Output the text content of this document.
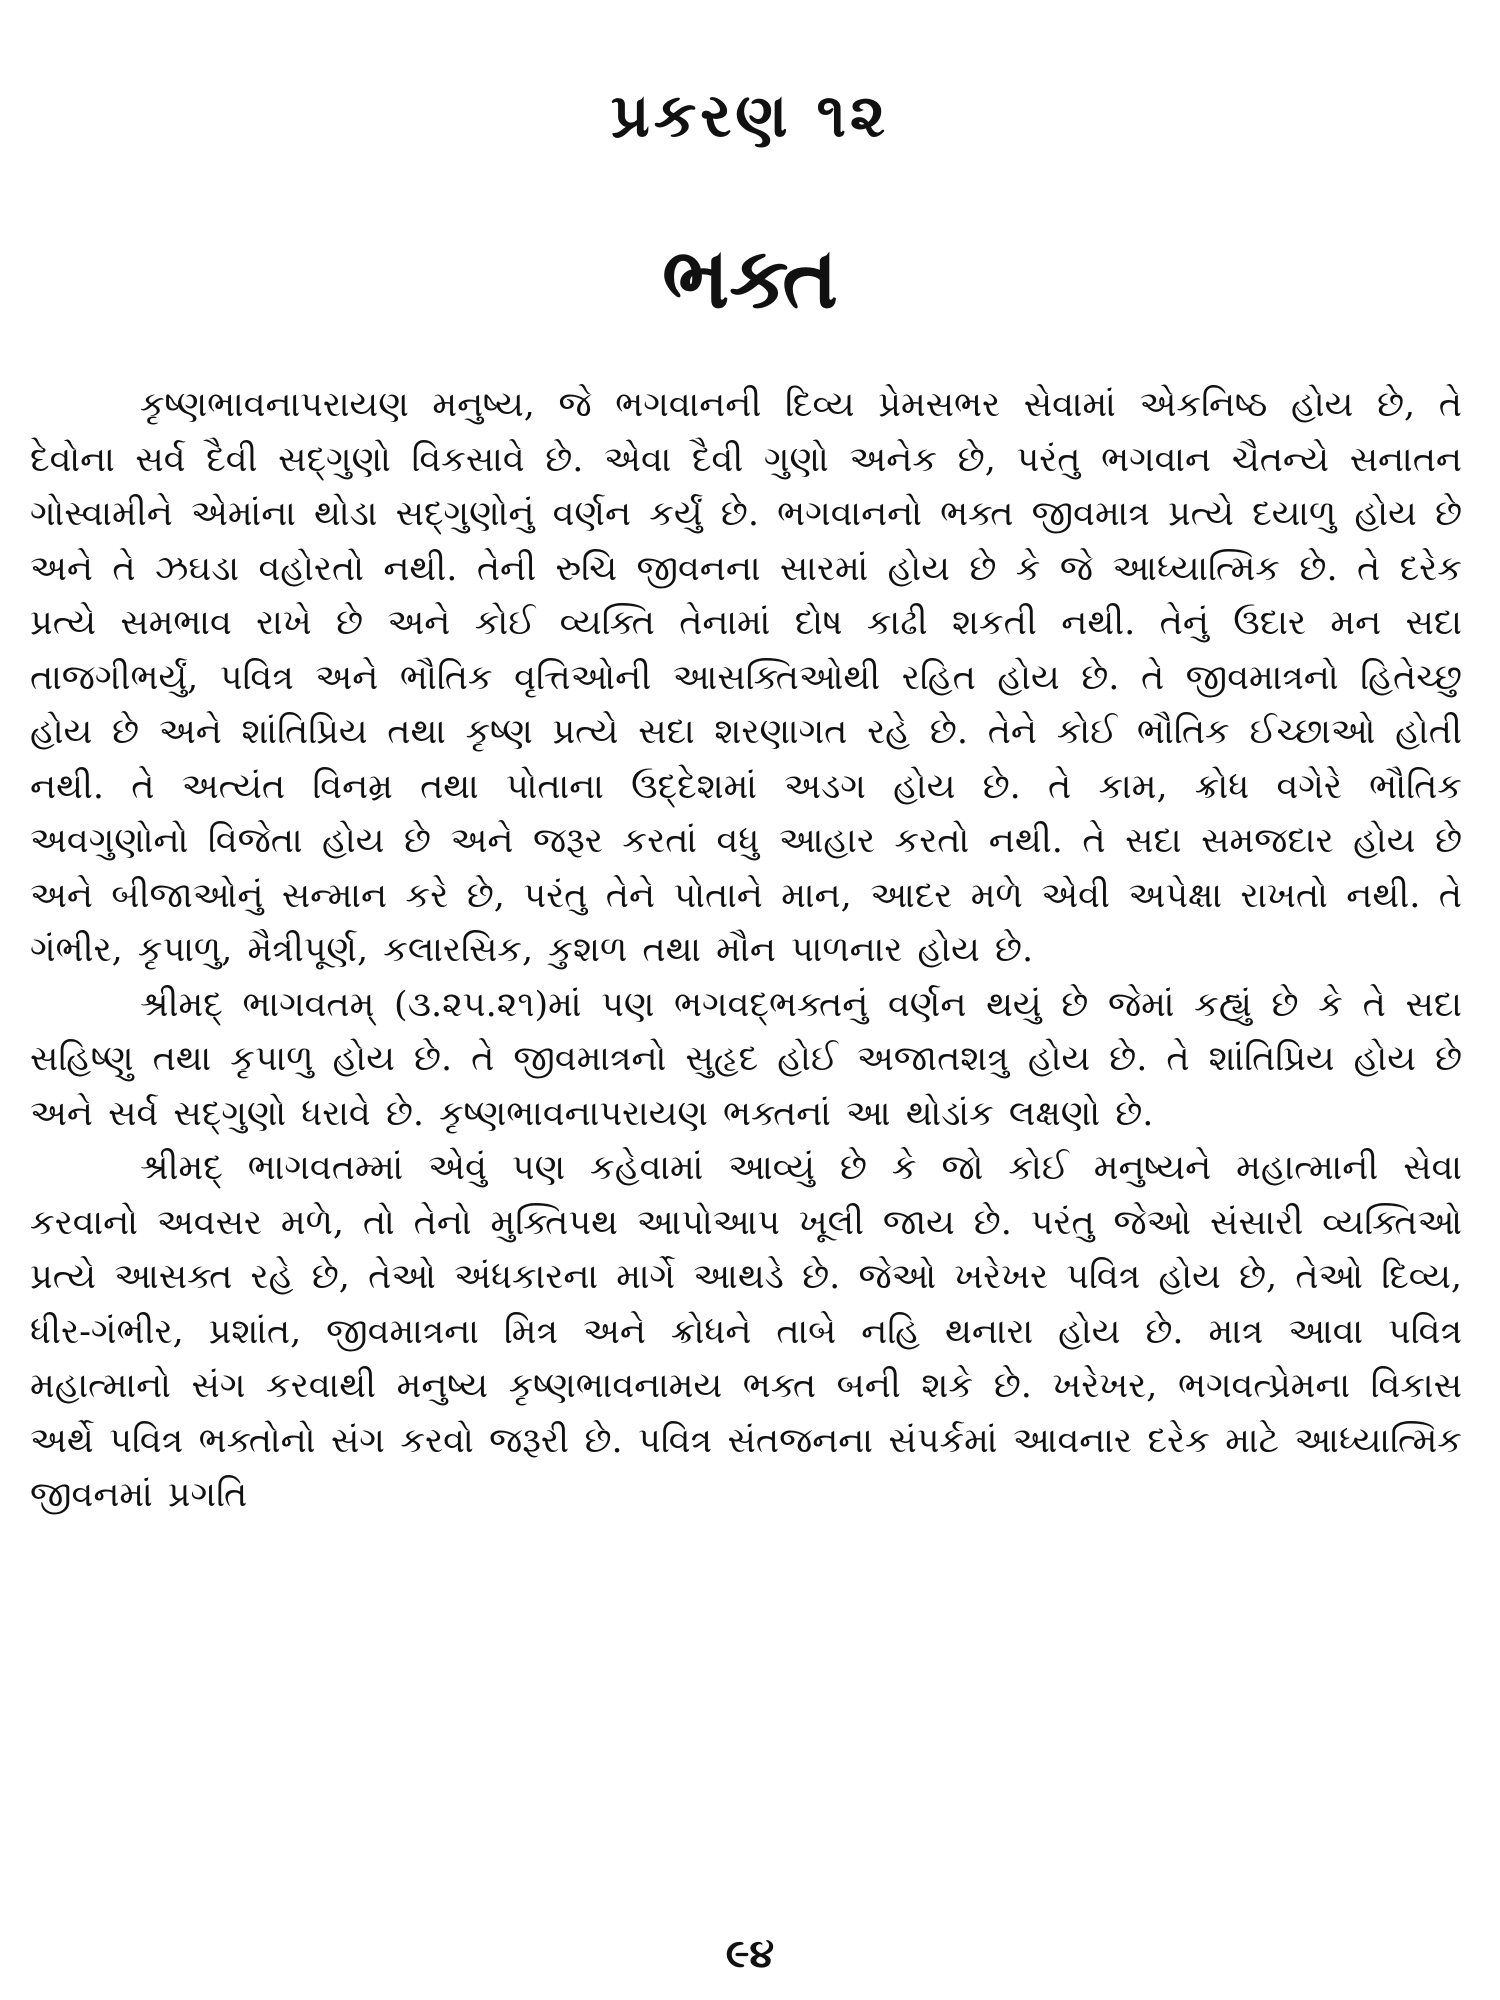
પ્રકરણ ૧૨
ભક્ત

કૃષ્ણભાવનાપરાયણ મનુષ્ય, જે ભગવાનની દિવ્ય પ્રેમસભર સેવામાં એકનિષ્ઠ હોય છે, તે દેવોના સર્વ દૈવી સદ્ગુણો વિકસાવે છે. એવા દૈવી ગુણો અનેક છે, પરંતુ ભગવાન ચૈતન્યે સનાતન ગોસ્વામીને એમાંના થોડા સદ્ગુણોનું વર્ણન કર્યું છે. ભગવાનનો ભક્ત જીવમાત્ર પ્રત્યે દયાળુ હોય છે અને તે ઝઘડા વહોરતો નથી. તેની રુચિ જીવનના સારમાં હોય છે કે જે આધ્યાત્મિક છે. તે દરેક પ્રત્યે સમભાવ રાખે છે અને કોઈ વ્યક્તિ તેનામાં દોષ કાઢી શકતી નથી. તેનું ઉદાર મન સદા તાજગીભર્યું, પવિત્ર અને ભૌતિક વૃત્તિઓની આસક્તિઓથી રહિત હોય છે. તે જીવમાત્રનો હિતેચ્છુ હોય છે અને શાંતિપ્રિય તથા કૃષ્ણ પ્રત્યે સદા શરણાગત રહે છે. તેને કોઈ ભૌતિક ઈચ્છાઓ હોતી નથી. તે અત્યંત વિનમ્ર તથા પોતાના ઉદ્દેશમાં અડગ હોય છે. તે કામ, ક્રોધ વગેરે ભૌતિક અવગુણોનો વિજેતા હોય છે અને જરૂર કરતાં વધુ આહાર કરતો નથી. તે સદા સમજદાર હોય છે અને બીજાઓનું સન્માન કરે છે, પરંતુ તેને પોતાને માન, આદર મળે એવી અપેક્ષા રાખતો નથી. તે ગંભીર, કૃપાળુ, મૈત્રીપૂર્ણ, કલારસિક, કુશળ તથા મૌન પાળનાર હોય છે.

શ્રીમદ્ ભાગવતમ્ (૩.૨૫.૨૧)માં પણ ભગવદ્ભક્તનું વર્ણન થયું છે જેમાં કહ્યું છે કે તે સદા સહિષ્ણુ તથા કૃપાળુ હોય છે. તે જીવમાત્રનો સુહૃદ હોઈ અજાતશત્રુ હોય છે. તે શાંતિપ્રિય હોય છે અને સર્વ સદ્ગુણો ધરાવે છે. કૃષ્ણભાવનાપરાયણ ભક્તનાં આ થોડાંક લક્ષણો છે.

શ્રીમદ્ ભાગવતમ્માં એવું પણ કહેવામાં આવ્યું છે કે જો કોઈ મનુષ્યને મહાત્માની સેવા કરવાનો અવસર મળે, તો તેનો મુક્તિપથ આપોઆપ ખૂલી જાય છે. પરંતુ જેઓ સંસારી વ્યક્તિઓ પ્રત્યે આસક્ત રહે છે, તેઓ અંધકારના માર્ગે આથડે છે. જેઓ ખરેખર પવિત્ર હોય છે, તેઓ દિવ્ય, ધીર-ગંભીર, પ્રશાંત, જીવમાત્રના મિત્ર અને ક્રોધને તાબે નહિ થનારા હોય છે. માત્ર આવા પવિત્ર મહાત્માનો સંગ કરવાથી મનુષ્ય કૃષ્ણભાવનામય ભક્ત બની શકે છે. ખરેખર, ભગવત્પ્રેમના વિકાસ અર્થે પવિત્ર ભક્તોનો સંગ કરવો જરૂરી છે. પવિત્ર સંતજનના સંપર્કમાં આવનાર દરેક માટે આધ્યાત્મિક જીવનમાં પ્રગતિ

૯૪
